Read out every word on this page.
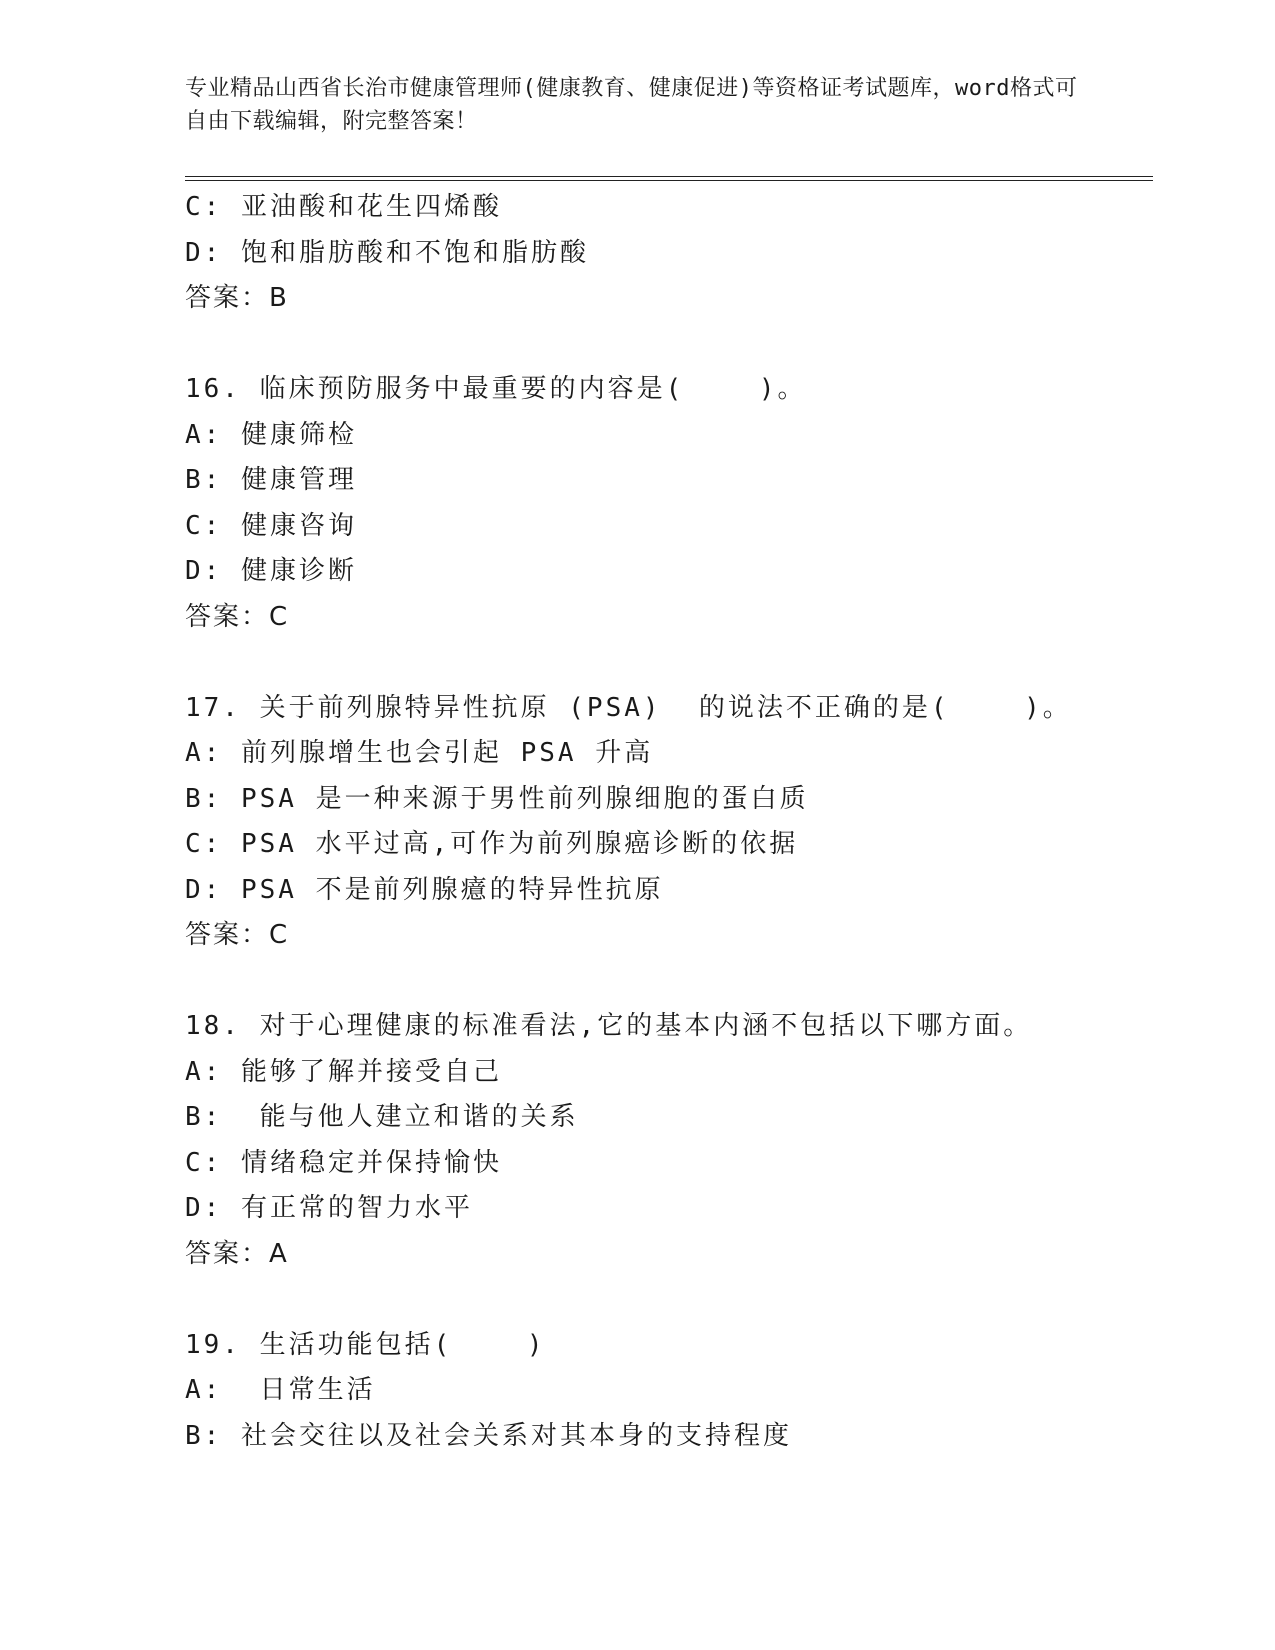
专业精品山西省长治市健康管理师(健康教育、健康促进)等资格证考试题库，word格式可自由下载编辑，附完整答案！
C: 亚油酸和花生四烯酸
D: 饱和脂肪酸和不饱和脂肪酸
答案：B
16. 临床预防服务中最重要的内容是(    )。
A: 健康筛检
B: 健康管理
C: 健康咨询
D: 健康诊断
答案：C
17. 关于前列腺特异性抗原 (PSA)  的说法不正确的是(    )。
A: 前列腺增生也会引起 PSA 升高
B: PSA 是一种来源于男性前列腺细胞的蛋白质
C: PSA 水平过高,可作为前列腺癌诊断的依据
D: PSA 不是前列腺癔的特异性抗原
答案：C
18. 对于心理健康的标准看法,它的基本内涵不包括以下哪方面。
A: 能够了解并接受自己
B:  能与他人建立和谐的关系
C: 情绪稳定并保持愉快
D: 有正常的智力水平
答案：A
19. 生活功能包括(    )
A:  日常生活
B: 社会交往以及社会关系对其本身的支持程度
